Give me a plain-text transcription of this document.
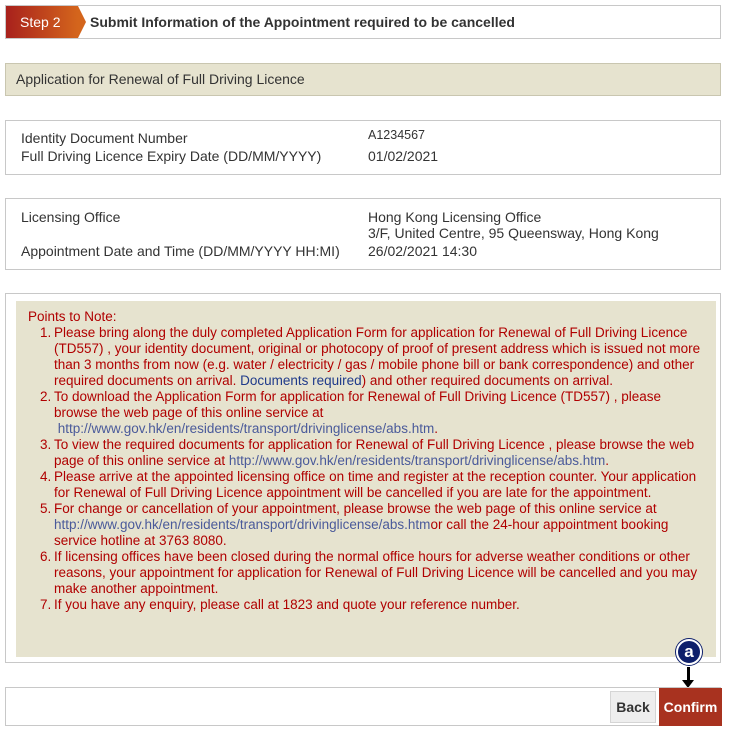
Step 2	Submit Information of the Appointment required to be cancelled
Application for Renewal of Full Driving Licence
Identity Document Number	A1234567
Full Driving Licence Expiry Date (DD/MM/YYYY)	01/02/2021
Licensing Office	Hong Kong Licensing Office
3/F, United Centre, 95 Queensway, Hong Kong
Appointment Date and Time (DD/MM/YYYY HH:MI) 26/02/2021 14:30
Points to Note:
1. Please bring along the duly completed Application Form for application for Renewal of Full Driving Licence (TD557) , your identity document, original or photocopy of proof of present address which is issued not more than 3 months from now (e.g. water / electricity / gas / mobile phone bill or bank correspondence) and other required documents on arrival. Documents required) and other required documents on arrival.
2. To download the Application Form for application for Renewal of Full Driving Licence (TD557) , please browse the web page of this online service at
http://www.gov.hk/en/residents/transport/drivinglicense/abs.htm.
3. To view the required documents for application for Renewal of Full Driving Licence , please browse the web page of this online service at http://www.gov.hk/en/residents/transport/drivinglicense/abs.htm.
4. Please arrive at the appointed licensing office on time and register at the reception counter. Your application for Renewal of Full Driving Licence appointment will be cancelled if you are late for the appointment.
5. For change or cancellation of your appointment, please browse the web page of this online service at http://www.gov.hk/en/residents/transport/drivinglicense/abs.htmor call the 24-hour appointment booking service hotline at 3763 8080.
6. If licensing offices have been closed during the normal office hours for adverse weather conditions or other reasons, your appointment for application for Renewal of Full Driving Licence will be cancelled and you may make another appointment.
7. If you have any enquiry, please call at 1823 and quote your reference number.
a
Back Confirm
